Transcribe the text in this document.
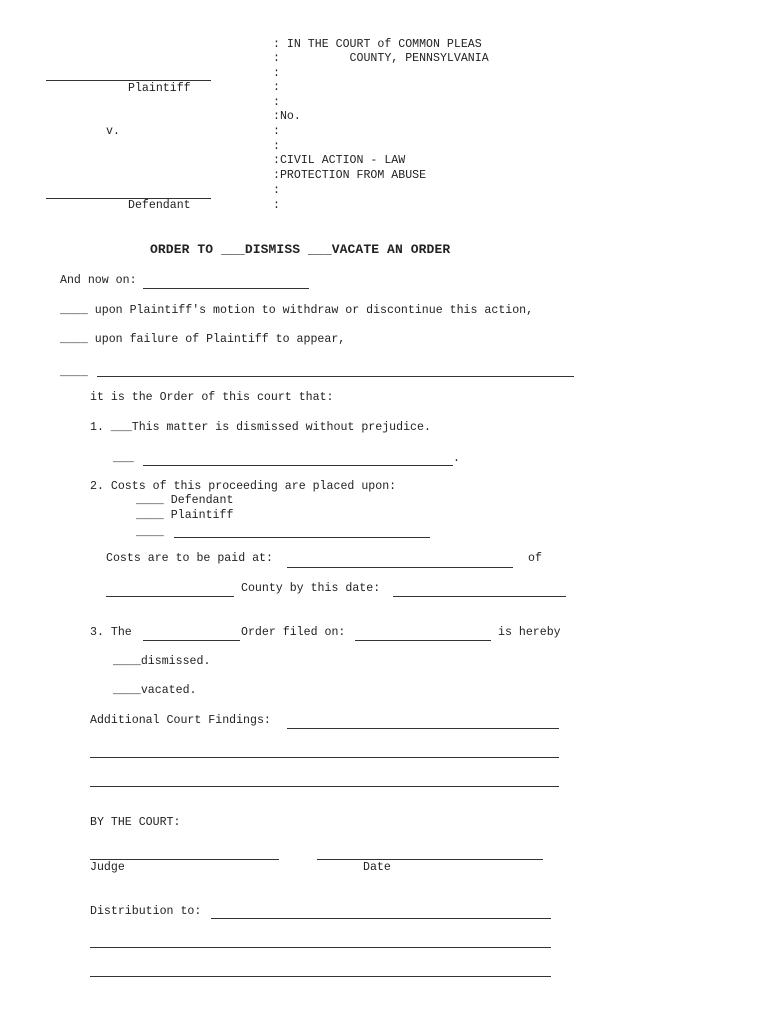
: IN THE COURT of COMMON PLEAS
:          COUNTY, PENNSYLVANIA
:
:
Plaintiff
:
:No.
v.	:
:
:CIVIL ACTION - LAW
:PROTECTION FROM ABUSE
:
Defendant	:
ORDER TO ___DISMISS ___VACATE AN ORDER
And now on:
____ upon Plaintiff's motion to withdraw or discontinue this action,
____ upon failure of Plaintiff to appear,
____
it is the Order of this court that:
1. ___This matter is dismissed without prejudice.
___	.
2. Costs of this proceeding are placed upon:
____ Defendant
____ Plaintiff
____
Costs are to be paid at:	of
County by this date:
3. The	Order filed on:	is hereby
____dismissed.
____vacated.
Additional Court Findings:
BY THE COURT:
Judge	Date
Distribution to:
